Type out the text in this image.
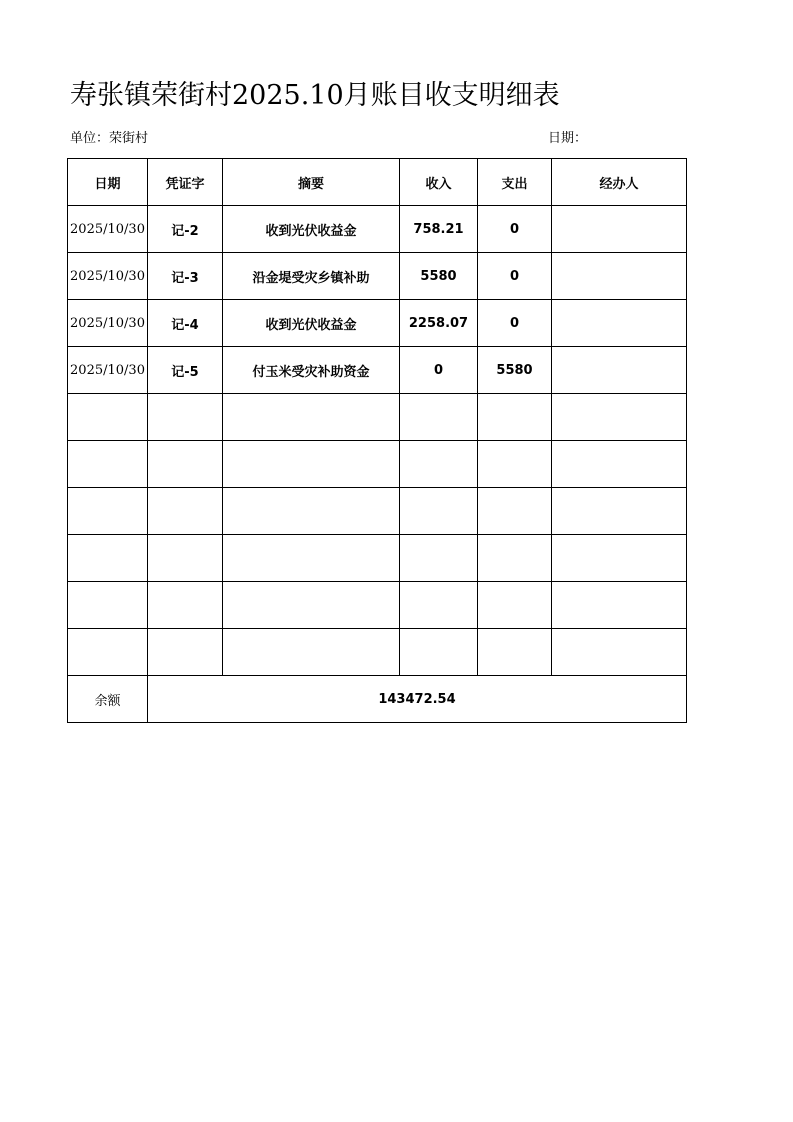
寿张镇荣街村2025.10月账目收支明细表
单位：荣街村	日期：
日期	凭证字	摘要	收入	支出	经办人
2025/10/30	记-2	收到光伏收益金	758.21	0	
2025/10/30	记-3	沿金堤受灾乡镇补助	5580	0	
2025/10/30	记-4	收到光伏收益金	2258.07	0	
2025/10/30	记-5	付玉米受灾补助资金	0	5580	

余额	143472.54				
